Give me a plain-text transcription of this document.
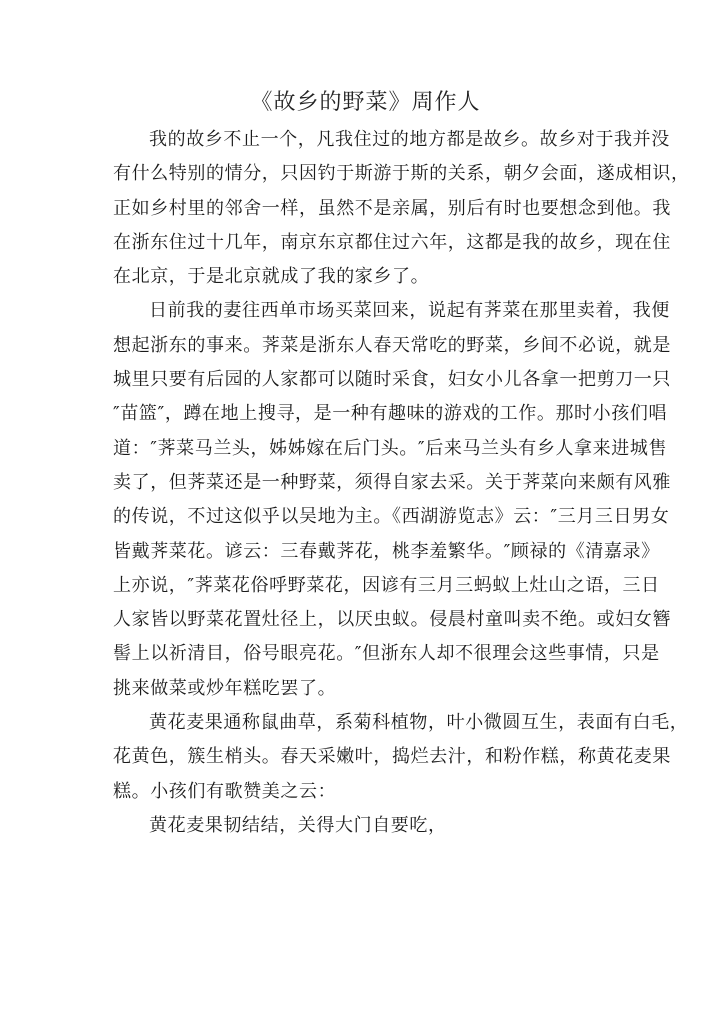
《故乡的野菜》周作人
我的故乡不止一个，凡我住过的地方都是故乡。故乡对于我并没
有什么特别的情分，只因钓于斯游于斯的关系，朝夕会面，遂成相识，
正如乡村里的邻舍一样，虽然不是亲属，别后有时也要想念到他。我
在浙东住过十几年，南京东京都住过六年，这都是我的故乡，现在住
在北京，于是北京就成了我的家乡了。
日前我的妻往西单市场买菜回来，说起有荠菜在那里卖着，我便
想起浙东的事来。荠菜是浙东人春天常吃的野菜，乡间不必说，就是
城里只要有后园的人家都可以随时采食，妇女小儿各拿一把剪刀一只
″苗篮″，蹲在地上搜寻，是一种有趣味的游戏的工作。那时小孩们唱
道：″荠菜马兰头，姊姊嫁在后门头。″后来马兰头有乡人拿来进城售
卖了，但荠菜还是一种野菜，须得自家去采。关于荠菜向来颇有风雅
的传说，不过这似乎以吴地为主。《西湖游览志》云：″三月三日男女
皆戴荠菜花。谚云：三春戴荠花，桃李羞繁华。″顾禄的《清嘉录》
上亦说，″荠菜花俗呼野菜花，因谚有三月三蚂蚁上灶山之语，三日
人家皆以野菜花置灶径上，以厌虫蚁。侵晨村童叫卖不绝。或妇女簪
髻上以祈清目，俗号眼亮花。″但浙东人却不很理会这些事情，只是
挑来做菜或炒年糕吃罢了。
黄花麦果通称鼠曲草，系菊科植物，叶小微圆互生，表面有白毛，
花黄色，簇生梢头。春天采嫩叶，捣烂去汁，和粉作糕，称黄花麦果
糕。小孩们有歌赞美之云：
黄花麦果韧结结，关得大门自要吃，
